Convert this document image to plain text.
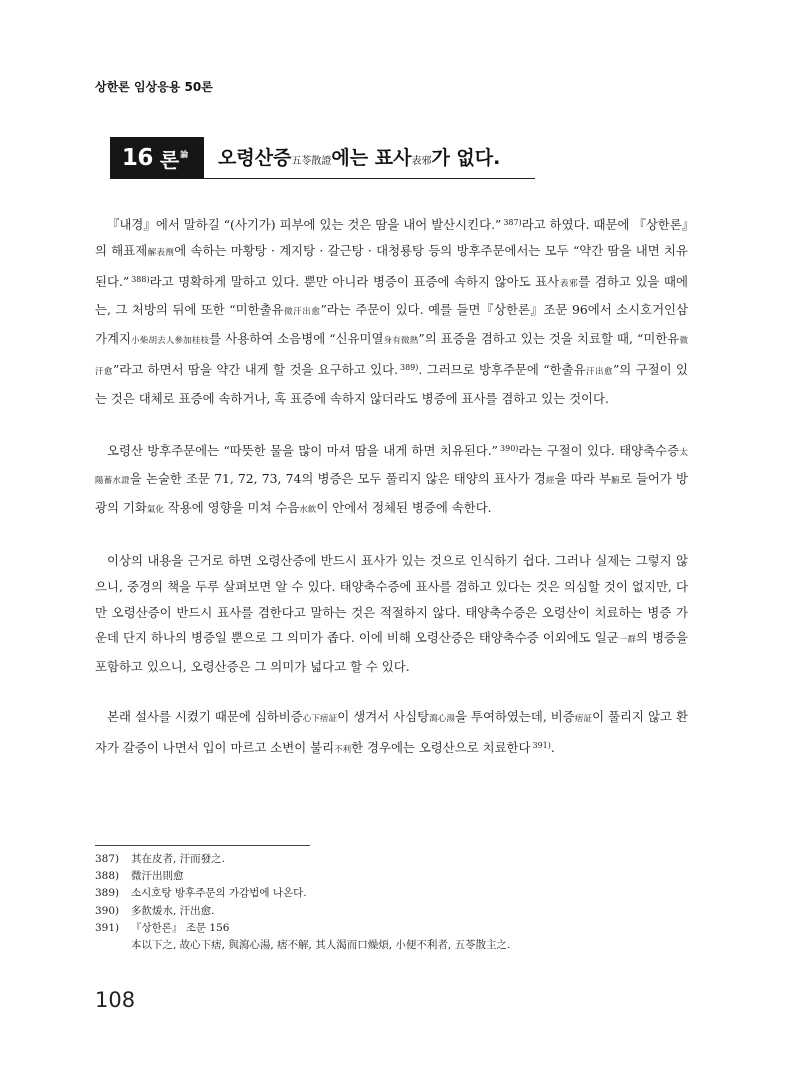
상한론 임상응용 50론
16 론 論 오령산증五苓散證에는 표사表邪가 없다.

『내경』에서 말하길 “(사기가) 피부에 있는 것은 땀을 내어 발산시킨다.” $^{387)}$라고 하였다. 때문에 『상한론』의 해표제解表劑에 속하는 마황탕 · 계지탕 · 갈근탕 · 대청룡탕 등의 방후주문에서는 모두 “약간 땀을 내면 치유된다.” $^{388)}$라고 명확하게 말하고 있다. 뿐만 아니라 병증이 표증에 속하지 않아도 표사表邪를 겸하고 있을 때에는, 그 처방의 뒤에 또한 “미한출유微汗出愈”라는 주문이 있다. 예를 들면『상한론』조문 96에서 소시호거인삼가계지小柴胡去人參加桂枝를 사용하여 소음병에 “신유미열身有微熱”의 표증을 겸하고 있는 것을 치료할 때, “미한유微汗愈”라고 하면서 땀을 약간 내게 할 것을 요구하고 있다. $^{389)}$. 그러므로 방후주문에 “한출유汗出愈”의 구절이 있는 것은 대체로 표증에 속하거나, 혹 표증에 속하지 않더라도 병증에 표사를 겸하고 있는 것이다.

오령산 방후주문에는 “따뜻한 물을 많이 마셔 땀을 내게 하면 치유된다.” $^{390)}$라는 구절이 있다. 태양축수증太陽蓄水證을 논술한 조문 71, 72, 73, 74의 병증은 모두 풀리지 않은 태양의 표사가 경經을 따라 부腑로 들어가 방광의 기화氣化 작용에 영향을 미쳐 수음水飮이 안에서 정체된 병증에 속한다.

이상의 내용을 근거로 하면 오령산증에 반드시 표사가 있는 것으로 인식하기 쉽다. 그러나 실제는 그렇지 않으니, 중경의 책을 두루 살펴보면 알 수 있다. 태양축수증에 표사를 겸하고 있다는 것은 의심할 것이 없지만, 다만 오령산증이 반드시 표사를 겸한다고 말하는 것은 적절하지 않다. 태양축수증은 오령산이 치료하는 병증 가운데 단지 하나의 병증일 뿐으로 그 의미가 좁다. 이에 비해 오령산증은 태양축수증 이외에도 일군一群의 병증을 포함하고 있으니, 오령산증은 그 의미가 넓다고 할 수 있다.

본래 설사를 시켰기 때문에 심하비증心下痞証이 생겨서 사심탕瀉心湯을 투여하였는데, 비증痞証이 풀리지 않고 환자가 갈증이 나면서 입이 마르고 소변이 불리不利한 경우에는 오령산으로 치료한다 $^{391)}$.

387) 其在皮者, 汗而發之.

388) 微汗出則愈

389) 소시호탕 방후주문의 가감법에 나온다.

390) 多飮煖水, 汗出愈.

391) 『상한론』 조문 156

本以下之, 故心下痞, 與瀉心湯, 痞不解, 其人渴而口燥煩, 小便不利者, 五苓散主之.

108
